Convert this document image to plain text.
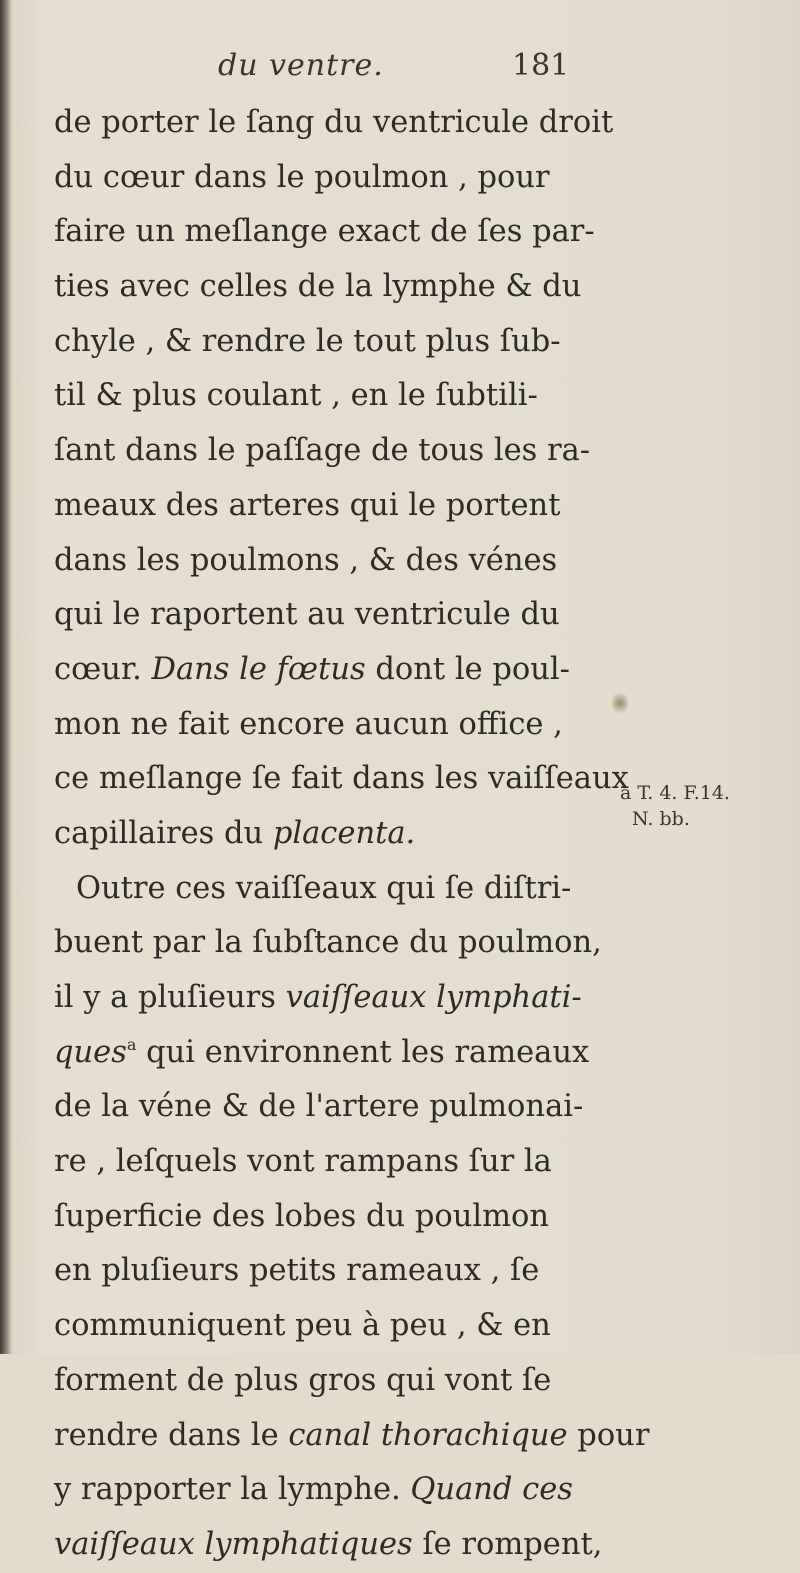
du ventre.	181
de porter le ſang du ventricule droit
du cœur dans le poulmon , pour
faire un meſlange exact de ſes par-
ties avec celles de la lymphe & du
chyle , & rendre le tout plus ſub-
til & plus coulant , en le ſubtili-
ſant dans le paſſage de tous les ra-
meaux des arteres qui le portent
dans les poulmons , & des vénes
qui le raportent au ventricule du
cœur. Dans le fœtus dont le poul-
mon ne fait encore aucun office ,
ce meſlange ſe fait dans les vaiſſeaux
capillaires du placenta.
Outre ces vaiſſeaux qui ſe diſtri-
buent par la ſubſtance du poulmon,
il y a pluſieurs vaiſſeaux lymphati-
ques$^a$ qui environnent les rameaux
de la véne & de l'artere pulmonai-
re , leſquels vont rampans ſur la
ſuperficie des lobes du poulmon
en pluſieurs petits rameaux , ſe
communiquent peu à peu , & en
forment de plus gros qui vont ſe
rendre dans le canal thorachique pour
y rapporter la lymphe. Quand ces
vaiſſeaux lymphatiques ſe rompent,
a T. 4. F.14.
N. bb.
